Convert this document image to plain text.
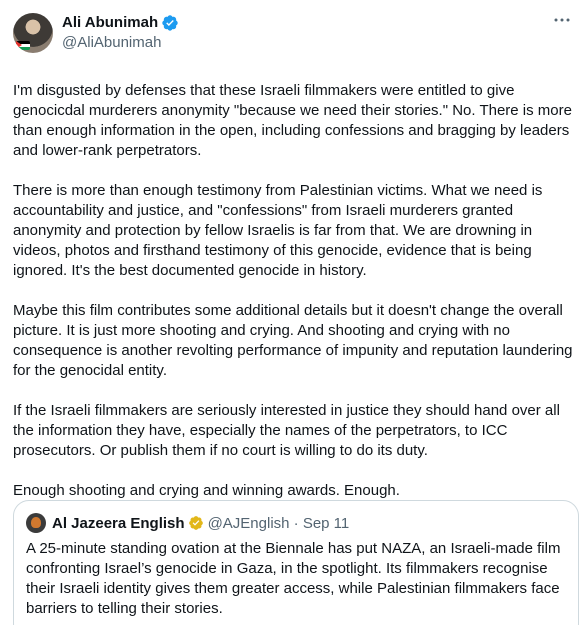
Ali Abunimah
@AliAbunimah

I'm disgusted by defenses that these Israeli filmmakers were entitled to give genocicdal murderers anonymity "because we need their stories." No. There is more than enough information in the open, including confessions and bragging by leaders and lower-rank perpetrators.

There is more than enough testimony from Palestinian victims. What we need is accountability and justice, and "confessions" from Israeli murderers granted anonymity and protection by fellow Israelis is far from that. We are drowning in videos, photos and firsthand testimony of this genocide, evidence that is being ignored. It's the best documented genocide in history.

Maybe this film contributes some additional details but it doesn't change the overall picture. It is just more shooting and crying. And shooting and crying with no consequence is another revolting performance of impunity and reputation laundering for the genocidal entity.

If the Israeli filmmakers are seriously interested in justice they should hand over all the information they have, especially the names of the perpetrators, to ICC prosecutors. Or publish them if no court is willing to do its duty.

Enough shooting and crying and winning awards. Enough.

Al Jazeera English @AJEnglish · Sep 11
A 25-minute standing ovation at the Biennale has put NAZA, an Israeli-made film confronting Israel’s genocide in Gaza, in the spotlight. Its filmmakers recognise their Israeli identity gives them greater access, while Palestinian filmmakers face barriers to telling their stories.
